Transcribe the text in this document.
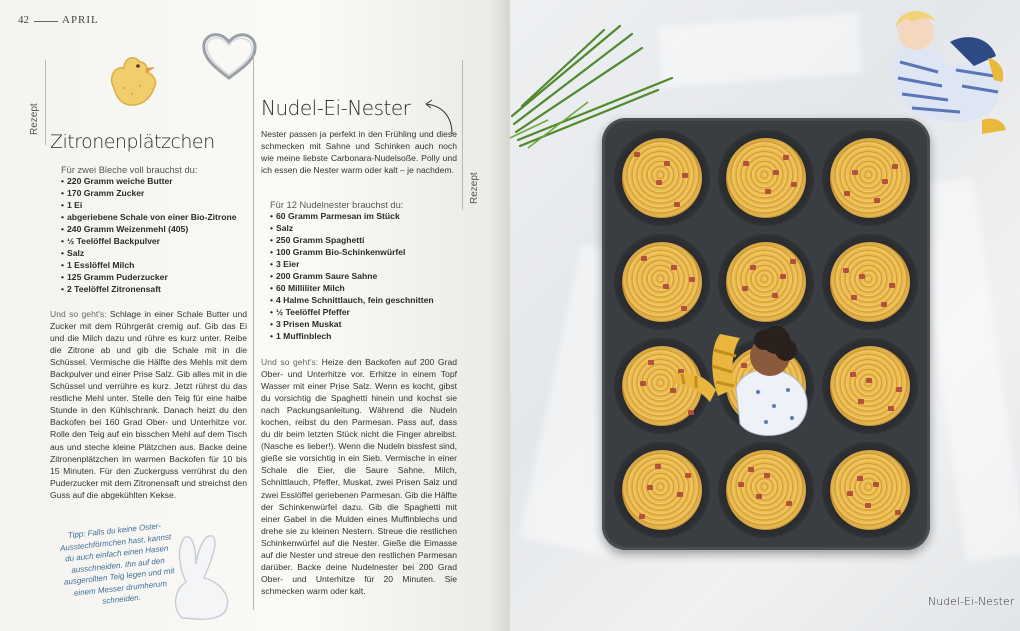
42	APRIL
Rezept
Zitronenplätzchen
Für zwei Bleche voll brauchst du:
• 220 Gramm weiche Butter
• 170 Gramm Zucker
• 1 Ei
• abgeriebene Schale von einer Bio-Zitrone
• 240 Gramm Weizenmehl (405)
• ½ Teelöffel Backpulver
• Salz
• 1 Esslöffel Milch
• 125 Gramm Puderzucker
• 2 Teelöffel Zitronensaft

Und so geht's: Schlage in einer Schale Butter und Zucker mit dem Rührgerät cremig auf. Gib das Ei und die Milch dazu und rühre es kurz unter. Reibe die Zitrone ab und gib die Schale mit in die Schüssel. Vermische die Hälfte des Mehls mit dem Backpulver und einer Prise Salz. Gib alles mit in die Schüssel und verrühre es kurz. Jetzt rührst du das restliche Mehl unter. Stelle den Teig für eine halbe Stunde in den Kühlschrank. Danach heizt du den Backofen bei 160 Grad Ober- und Unterhitze vor. Rolle den Teig auf ein bisschen Mehl auf dem Tisch aus und steche kleine Plätzchen aus. Backe deine Zitronenplätzchen im warmen Backofen für 10 bis 15 Minuten. Für den Zuckerguss verrührst du den Puderzucker mit dem Zitronensaft und streichst den Guss auf die abgekühlten Kekse.

Tipp: Falls du keine Oster-Ausstechförmchen hast, kannst du auch einfach einen Hasen ausschneiden. Ihn auf den ausgerollten Teig legen und mit einem Messer drumherum schneiden.
Nudel-Ei-Nester
Rezept

Nester passen ja perfekt in den Frühling und diese schmecken mit Sahne und Schinken auch noch wie meine liebste Carbonara-Nudelsoße. Polly und ich essen die Nester warm oder kalt – je nachdem.

Für 12 Nudelnester brauchst du:
• 60 Gramm Parmesan im Stück
• Salz
• 250 Gramm Spaghetti
• 100 Gramm Bio-Schinkenwürfel
• 3 Eier
• 200 Gramm Saure Sahne
• 60 Milliliter Milch
• 4 Halme Schnittlauch, fein geschnitten
• ½ Teelöffel Pfeffer
• 3 Prisen Muskat
• 1 Muffinblech

Und so geht's: Heize den Backofen auf 200 Grad Ober- und Unterhitze vor. Erhitze in einem Topf Wasser mit einer Prise Salz. Wenn es kocht, gibst du vorsichtig die Spaghetti hinein und kochst sie nach Packungsanleitung. Während die Nudeln kochen, reibst du den Parmesan. Pass auf, dass du dir beim letzten Stück nicht die Finger abreibst. (Nasche es lieber!). Wenn die Nudeln bissfest sind, gieße sie vorsichtig in ein Sieb. Vermische in einer Schale die Eier, die Saure Sahne, Milch, Schnittlauch, Pfeffer, Muskat, zwei Prisen Salz und zwei Esslöffel geriebenen Parmesan. Gib die Hälfte der Schinkenwürfel dazu. Gib die Spaghetti mit einer Gabel in die Mulden eines Muffinblechs und drehe sie zu kleinen Nestern. Streue die restlichen Schinkenwürfel auf die Nester. Gieße die Eimasse auf die Nester und streue den restlichen Parmesan darüber. Backe deine Nudelnester bei 200 Grad Ober- und Unterhitze für 20 Minuten. Sie schmecken warm oder kalt.

Nudel-Ei-Nester
